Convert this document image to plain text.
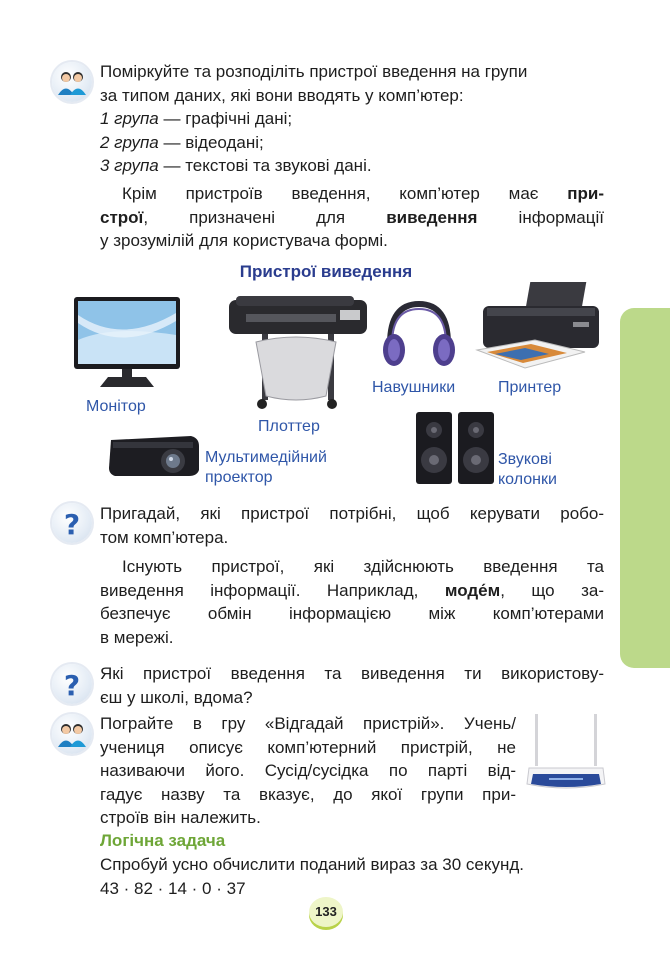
Поміркуйте та розподіліть пристрої введення на групи
за типом даних, які вони вводять у комп’ютер:
1 група — графічні дані;
2 група — відеодані;
3 група — текстові та звукові дані.
Крім пристроїв введення, комп’ютер має при-
строї, призначені для виведення інформації
у зрозумілій для користувача формі.
Пристрої виведення
Монітор
Плоттер
Навушники	Принтер
Мультимедійний
проектор
Звукові
колонки
? Пригадай, які пристрої потрібні, щоб керувати робо-
том комп’ютера.
Існують пристрої, які здійснюють введення та
виведення інформації. Наприклад, моде́м, що за-
безпечує обмін інформацією між комп’ютерами
в мережі.
? Які пристрої введення та виведення ти використову-
єш у школі, вдома?
Пограйте в гру «Відгадай пристрій». Учень/
учениця описує комп’ютерний пристрій, не
називаючи його. Сусід/сусідка по парті від-
гадує назву та вказує, до якої групи при-
строїв він належить.
Логічна задача
Спробуй усно обчислити поданий вираз за 30 секунд.
43 · 82 · 14 · 0 · 37
133
